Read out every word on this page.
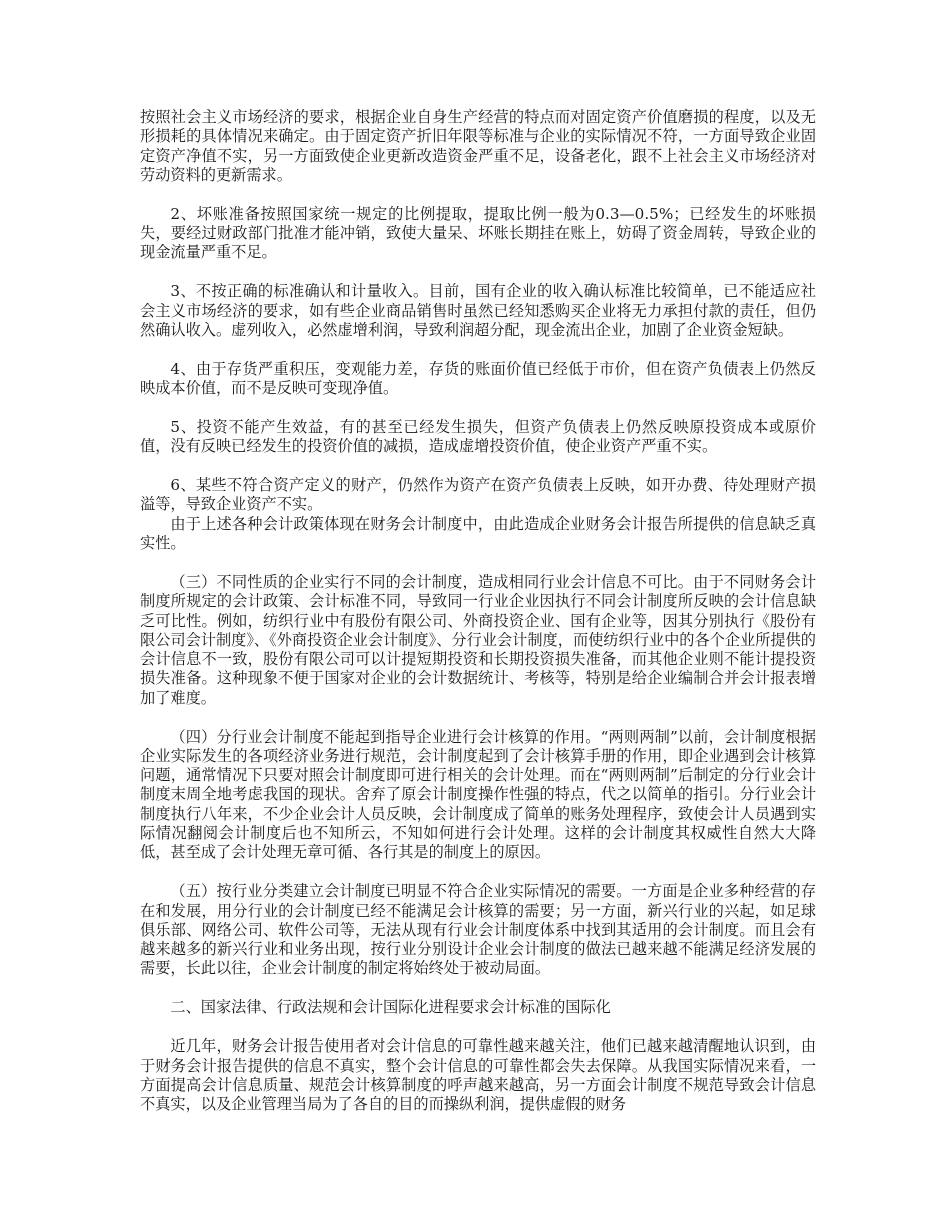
按照社会主义市场经济的要求，根据企业自身生产经营的特点而对固定资产价值磨损的程度，以及无形损耗的具体情况来确定。由于固定资产折旧年限等标准与企业的实际情况不符，一方面导致企业固定资产净值不实，另一方面致使企业更新改造资金严重不足，设备老化，跟不上社会主义市场经济对劳动资料的更新需求。

2、坏账准备按照国家统一规定的比例提取，提取比例一般为0.3—0.5%；已经发生的坏账损失，要经过财政部门批准才能冲销，致使大量呆、坏账长期挂在账上，妨碍了资金周转，导致企业的现金流量严重不足。

3、不按正确的标准确认和计量收入。目前，国有企业的收入确认标准比较简单，已不能适应社会主义市场经济的要求，如有些企业商品销售时虽然已经知悉购买企业将无力承担付款的责任，但仍然确认收入。虚列收入，必然虚增利润，导致利润超分配，现金流出企业，加剧了企业资金短缺。

4、由于存货严重积压，变观能力差，存货的账面价值已经低于市价，但在资产负债表上仍然反映成本价值，而不是反映可变现净值。

5、投资不能产生效益，有的甚至已经发生损失，但资产负债表上仍然反映原投资成本或原价值，没有反映已经发生的投资价值的减损，造成虚增投资价值，使企业资产严重不实。

6、某些不符合资产定义的财产，仍然作为资产在资产负债表上反映，如开办费、待处理财产损溢等，导致企业资产不实。

由于上述各种会计政策体现在财务会计制度中，由此造成企业财务会计报告所提供的信息缺乏真实性。

（三）不同性质的企业实行不同的会计制度，造成相同行业会计信息不可比。由于不同财务会计制度所规定的会计政策、会计标准不同，导致同一行业企业因执行不同会计制度所反映的会计信息缺乏可比性。例如，纺织行业中有股份有限公司、外商投资企业、国有企业等，因其分别执行《股份有限公司会计制度》、《外商投资企业会计制度》、分行业会计制度，而使纺织行业中的各个企业所提供的会计信息不一致，股份有限公司可以计提短期投资和长期投资损失准备，而其他企业则不能计提投资损失准备。这种现象不便于国家对企业的会计数据统计、考核等，特别是给企业编制合并会计报表增加了难度。

（四）分行业会计制度不能起到指导企业进行会计核算的作用。“两则两制”以前，会计制度根据企业实际发生的各项经济业务进行规范，会计制度起到了会计核算手册的作用，即企业遇到会计核算问题，通常情况下只要对照会计制度即可进行相关的会计处理。而在“两则两制”后制定的分行业会计制度末周全地考虑我国的现状。舍弃了原会计制度操作性强的特点，代之以简单的指引。分行业会计制度执行八年来，不少企业会计人员反映，会计制度成了简单的账务处理程序，致使会计人员遇到实际情况翻阅会计制度后也不知所云，不知如何进行会计处理。这样的会计制度其权威性自然大大降低，甚至成了会计处理无章可循、各行其是的制度上的原因。

（五）按行业分类建立会计制度已明显不符合企业实际情况的需要。一方面是企业多种经营的存在和发展，用分行业的会计制度已经不能满足会计核算的需要；另一方面，新兴行业的兴起，如足球俱乐部、网络公司、软件公司等，无法从现有行业会计制度体系中找到其适用的会计制度。而且会有越来越多的新兴行业和业务出现，按行业分别设计企业会计制度的做法已越来越不能满足经济发展的需要，长此以往，企业会计制度的制定将始终处于被动局面。

二、国家法律、行政法规和会计国际化进程要求会计标准的国际化

近几年，财务会计报告使用者对会计信息的可靠性越来越关注，他们已越来越清醒地认识到，由于财务会计报告提供的信息不真实，整个会计信息的可靠性都会失去保障。从我国实际情况来看，一方面提高会计信息质量、规范会计核算制度的呼声越来越高，另一方面会计制度不规范导致会计信息不真实，以及企业管理当局为了各自的目的而操纵利润，提供虚假的财务
